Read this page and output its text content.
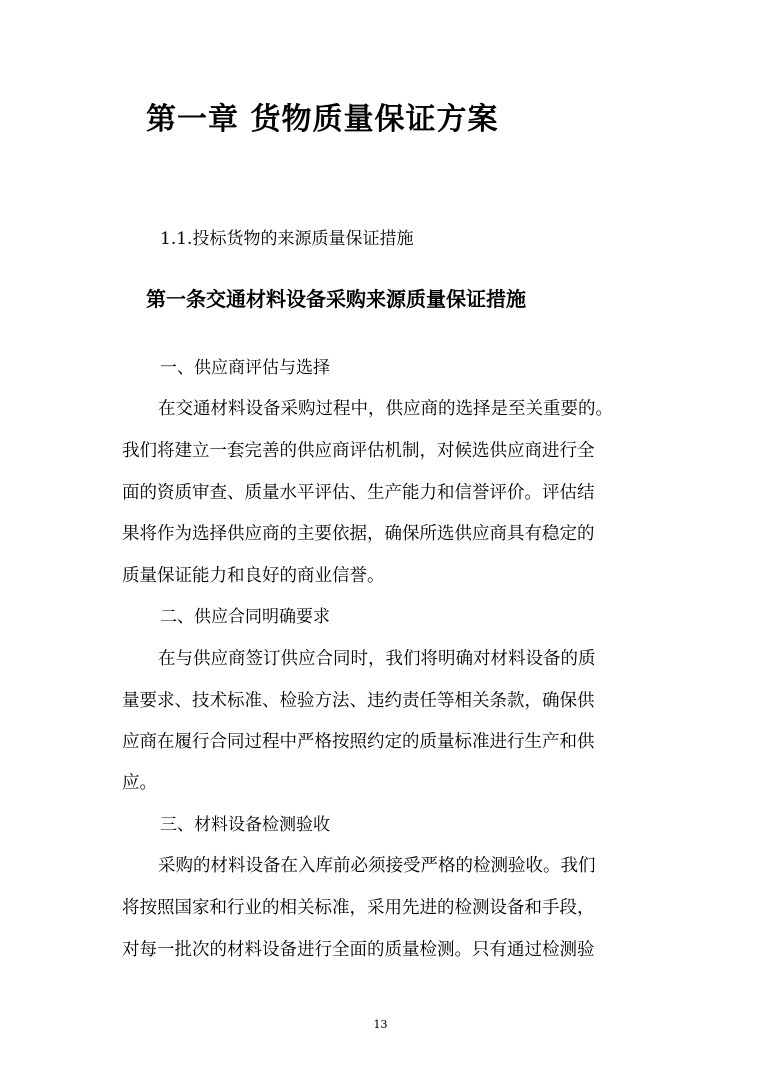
第一章 货物质量保证方案
1.1.投标货物的来源质量保证措施
第一条交通材料设备采购来源质量保证措施
一、供应商评估与选择
在交通材料设备采购过程中，供应商的选择是至关重要的。
我们将建立一套完善的供应商评估机制，对候选供应商进行全
面的资质审查、质量水平评估、生产能力和信誉评价。评估结
果将作为选择供应商的主要依据，确保所选供应商具有稳定的
质量保证能力和良好的商业信誉。
二、供应合同明确要求
在与供应商签订供应合同时，我们将明确对材料设备的质
量要求、技术标准、检验方法、违约责任等相关条款，确保供
应商在履行合同过程中严格按照约定的质量标准进行生产和供
应。
三、材料设备检测验收
采购的材料设备在入库前必须接受严格的检测验收。我们
将按照国家和行业的相关标准，采用先进的检测设备和手段，
对每一批次的材料设备进行全面的质量检测。只有通过检测验
13
